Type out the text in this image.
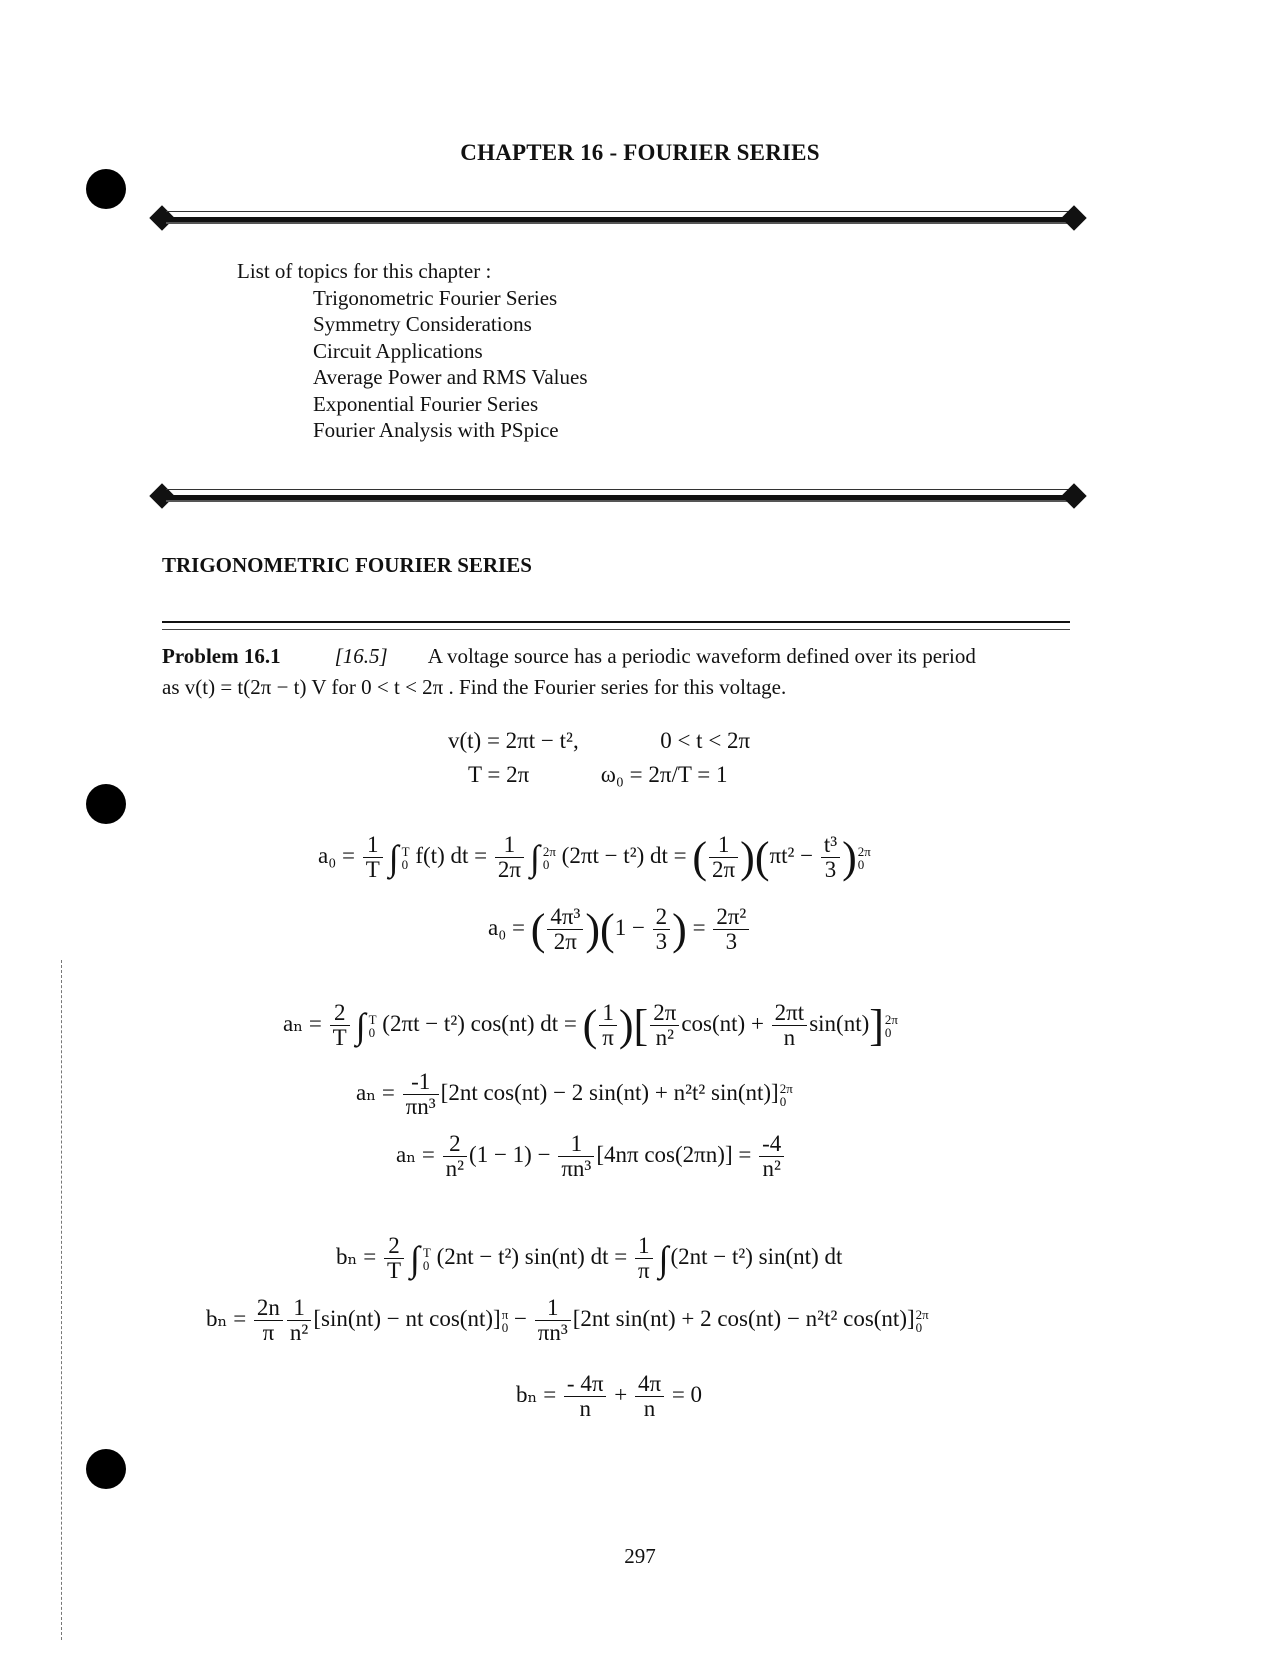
CHAPTER 16 - FOURIER SERIES

List of topics for this chapter :

Trigonometric Fourier Series
Symmetry Considerations
Circuit Applications
Average Power and RMS Values
Exponential Fourier Series
Fourier Analysis with PSpice
TRIGONOMETRIC FOURIER SERIES
Problem 16.1	[16.5] A voltage source has a periodic waveform defined over its period
as v(t) = t(2π − t) V for 0 < t < 2π . Find the Fourier series for this voltage.
v(t) = 2πt − t²,	0 < t < 2π
T = 2π	ω₀ = 2π/T = 1
$a_0 = \frac{1}{T}$ ∫ T
0 f(t) dt = $\frac{1}{2\pi}$ ∫ 2π
0 (2πt − t²) dt = ( $\frac{1}{2\pi} )(\pi t^2 - \frac{\text{t³}}{3}$ ) 2π
0
a₀ = ( $\frac{\text{4π³}}{2\pi} )(1 - \frac{2}{3}$ ) = $\frac{\text{2π²}}{3}$
$a_n = \frac{2}{T}$ ∫ T
0 (2πt − t²) cos(nt) dt = ( $\frac{1}{\pi}$ )[ $\frac{2\pi}{\text{n²}} \cos(nt) + \frac{2\pi t}{n} \sin(nt)$] 2π
0
$a_n = \frac{-1}{\text{πn³}} [2nt$ cos(nt) − 2 sin(nt) + n²t² sin(nt)] 2π
0
$a_n = \frac{2}{\text{n²}} (1 - 1) - \frac{1}{\text{πn³}} [4n\pi$ $\cos(2\pi n)] = \frac{-4}{\text{n²}}$
$b_n = \frac{2}{T}$ ∫ T
0 (2nt − t²) sin(nt) dt = $\frac{1}{\pi} \int(2nt - t^2)$ sin(nt) dt
$b_n = \frac{2n}{\pi} \frac{1}{\text{n²}} [\sin(nt)$ − nt cos(nt)] π
$0 - \frac{1}{\text{πn³}} [2nt$ sin(nt) + 2 cos(nt) − n²t² cos(nt)] 2π
0
$b_n = \frac{- 4\pi}{n} + \frac{4\pi}{n} = 0$
297
